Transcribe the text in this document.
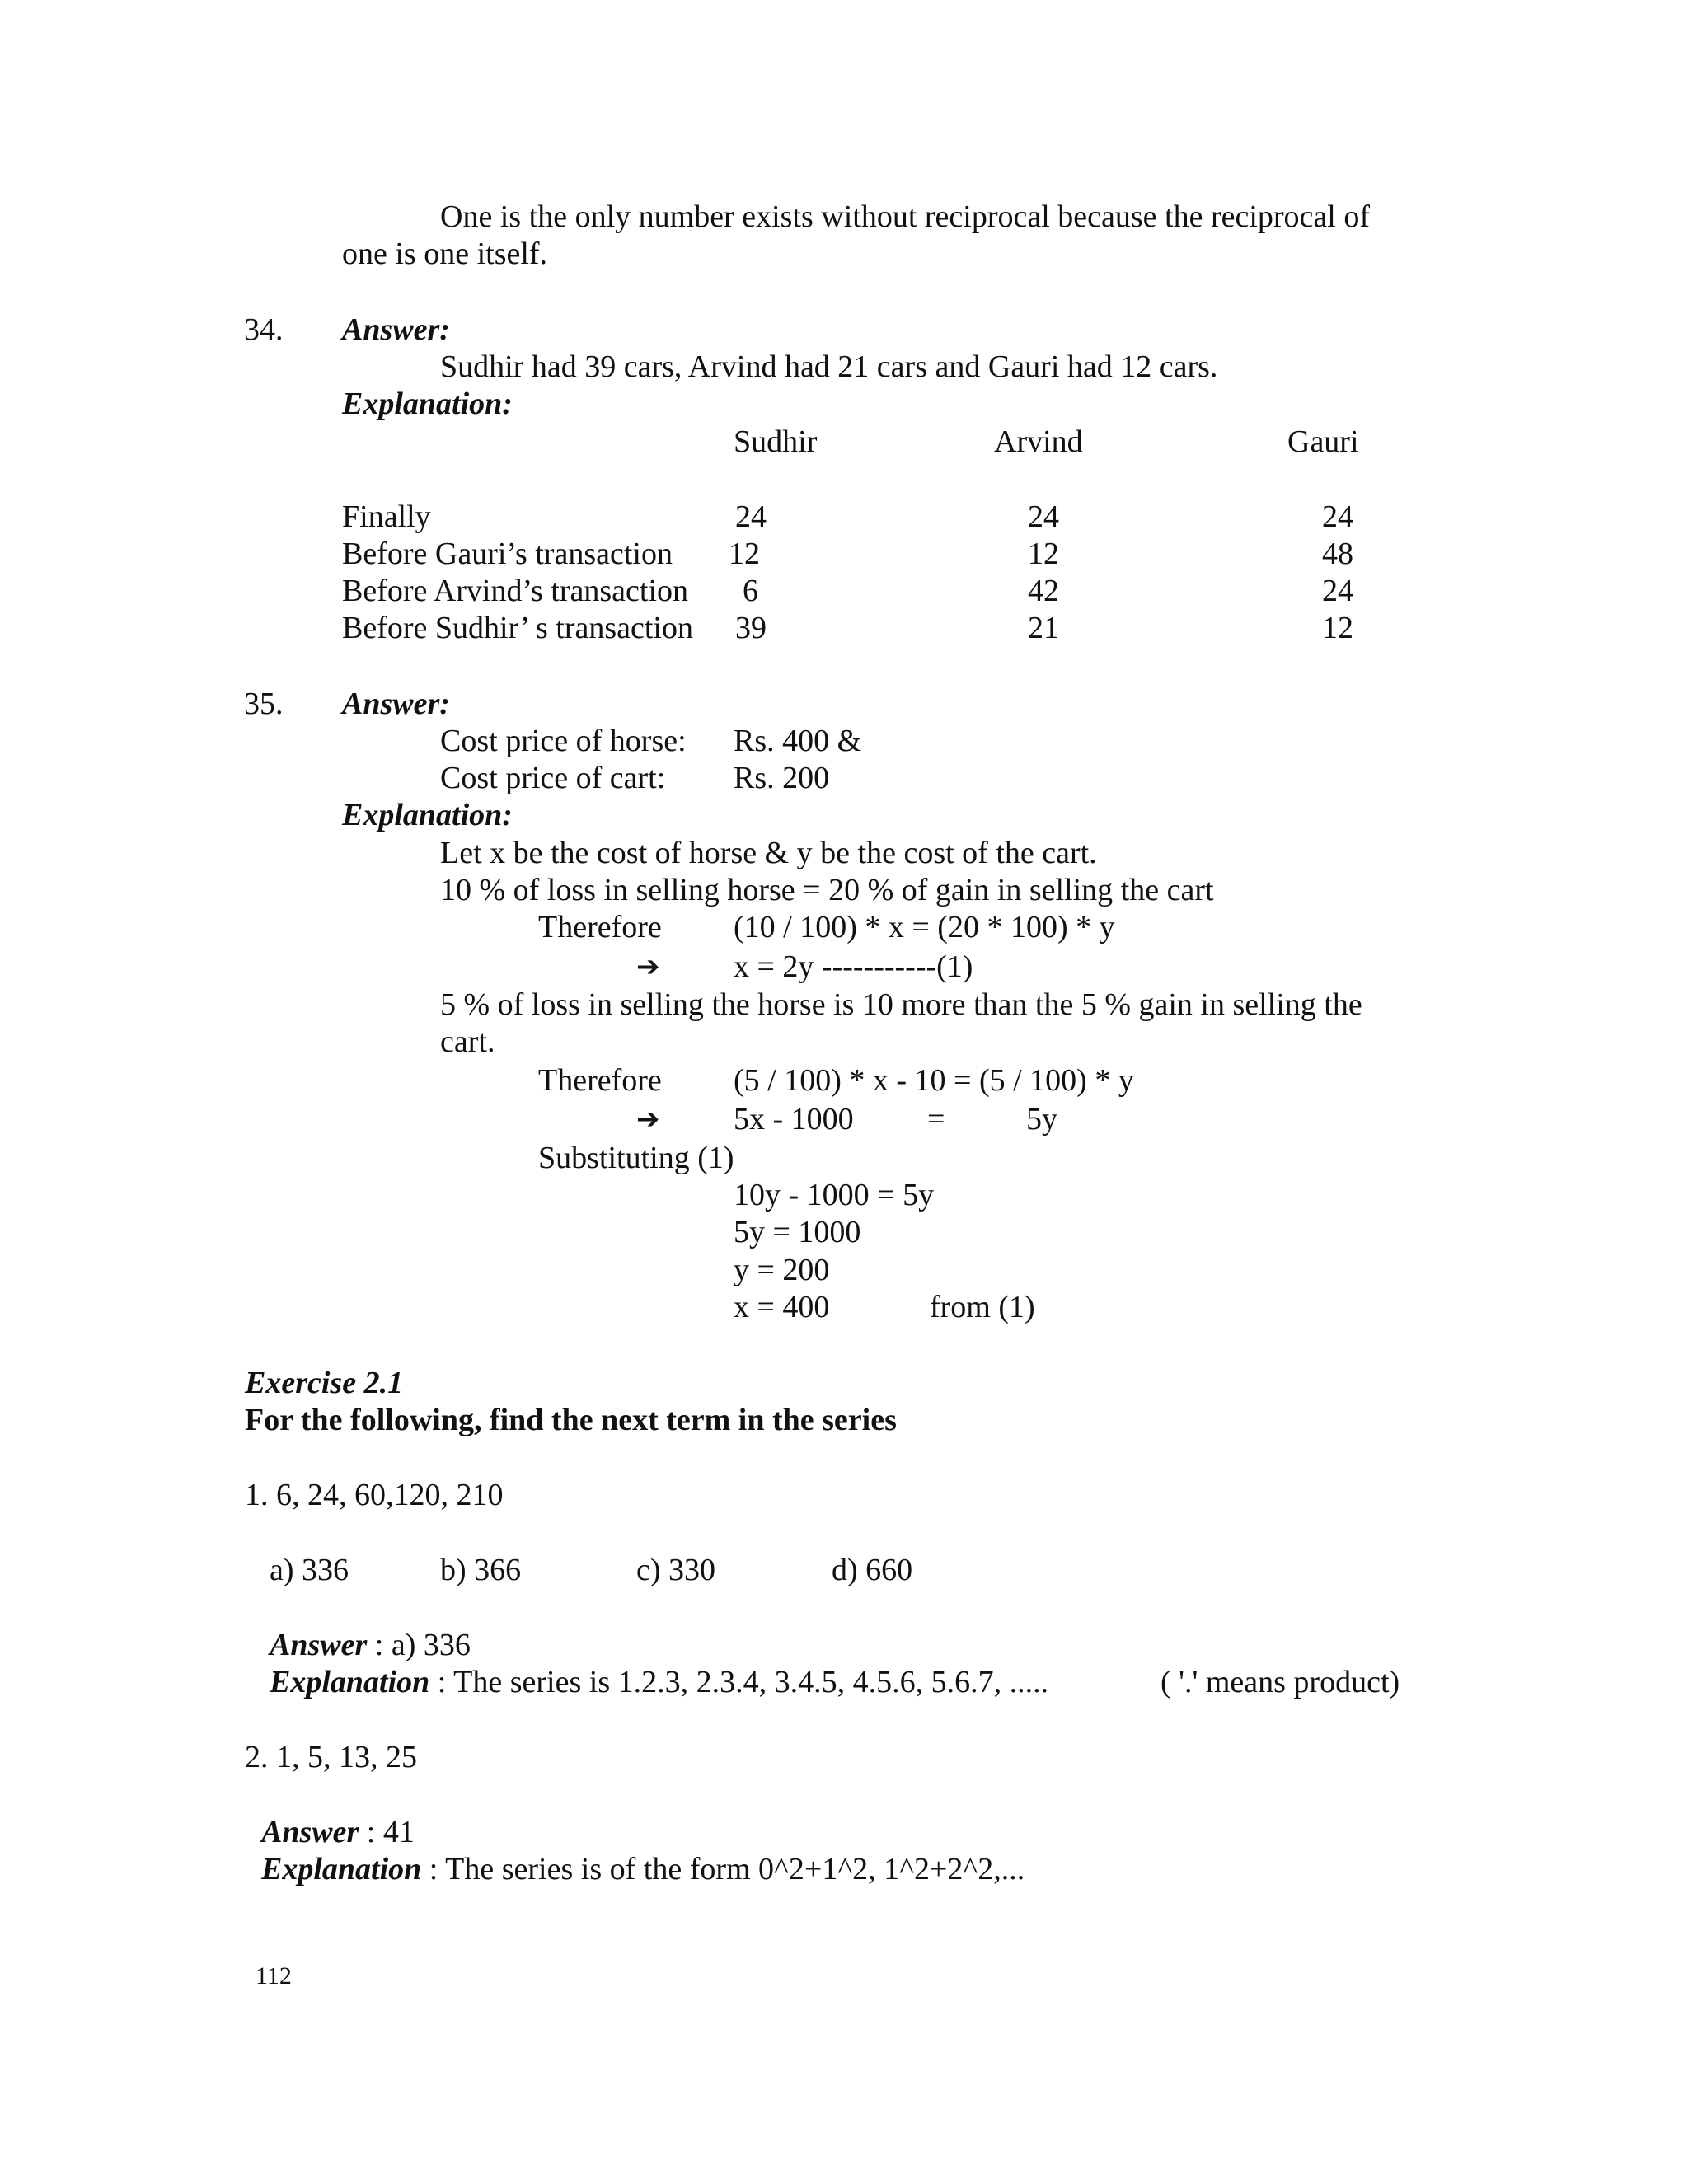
One is the only number exists without reciprocal because the reciprocal of
one is one itself.
34. Answer:
Sudhir had 39 cars, Arvind had 21 cars and Gauri had 12 cars.
Explanation:
Sudhir	Arvind	Gauri
Finally	24	24	24
Before Gauri’s transaction	12	12	48
Before Arvind’s transaction	6	42	24
Before Sudhir’ s transaction	39	21	12
35. Answer:
Cost price of horse: Rs. 400 &
Cost price of cart: Rs. 200
Explanation:
Let x be the cost of horse & y be the cost of the cart.
10 % of loss in selling horse = 20 % of gain in selling the cart
Therefore (10 / 100) * x = (20 * 100) * y
➔ x = 2y -----------(1)
5 % of loss in selling the horse is 10 more than the 5 % gain in selling the
cart.
Therefore (5 / 100) * x - 10 = (5 / 100) * y
➔ 5x - 1000 =	5y
Substituting (1)
10y - 1000 = 5y
5y = 1000
y = 200
x = 400	from (1)
Exercise 2.1
For the following, find the next term in the series
1. 6, 24, 60,120, 210
a) 336	b) 366	c) 330	d) 660
Answer : a) 336
Explanation : The series is 1.2.3, 2.3.4, 3.4.5, 4.5.6, 5.6.7, .....	( '.' means product)
2. 1, 5, 13, 25
Answer : 41
Explanation : The series is of the form 0^2+1^2, 1^2+2^2,...
112
